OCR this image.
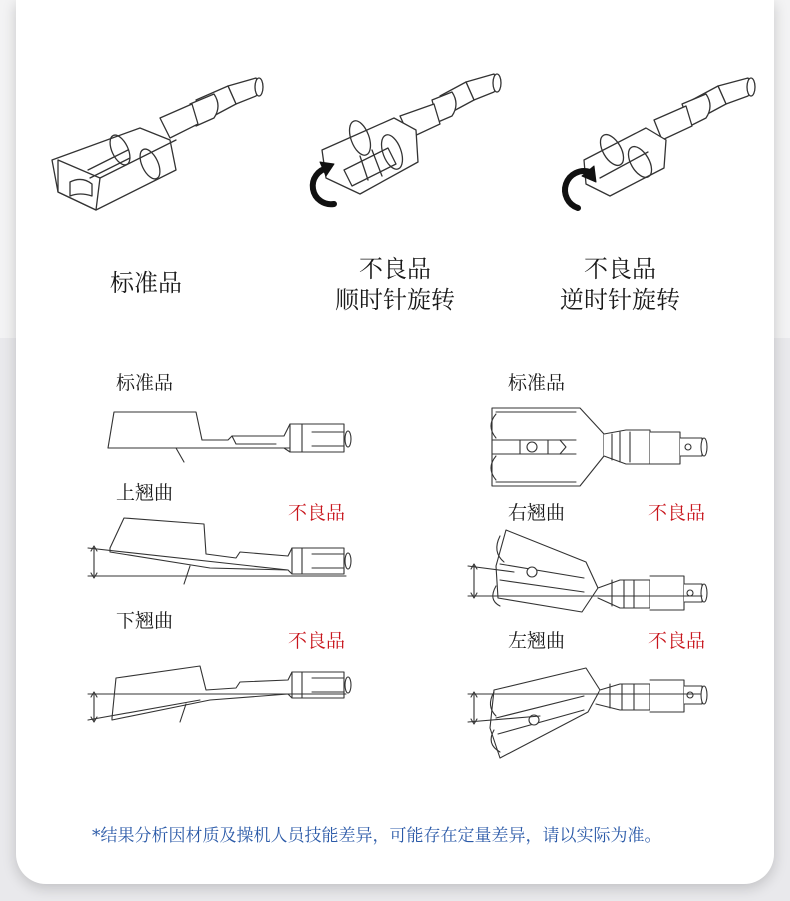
标准品	不良品
顺时针旋转
不良品
逆时针旋转
标准品
上翘曲
不良品
下翘曲
不良品
标准品
右翘曲	不良品
左翘曲	不良品
*结果分析因材质及操机人员技能差异，可能存在定量差异，请以实际为准。
